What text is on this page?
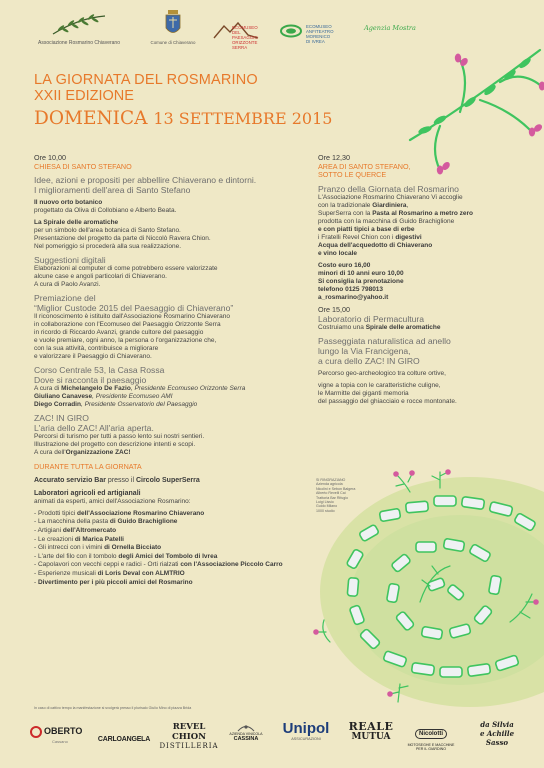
Associazione Rosmarino Chiaverano	Comune di Chiaverano
ECOMUSEO DEL
PAESAGGIO
ORIZZONTE
SERRA
ECOMUSEO
ANFITEATRO
MORENICO
DI IVREA
Agenzia Mostra
LA GIORNATA DEL ROSMARINO
XXII EDIZIONE
DOMENICA 13 SETTEMBRE 2015
Ore 10,00
CHIESA DI SANTO STEFANO
Idee, azioni e propositi per abbellire Chiaverano e dintorni.
I miglioramenti dell'area di Santo Stefano
Il nuovo orto botanico
progettato da Oliva di Collobiano e Alberto Beata.
La Spirale delle aromatiche
per un simbolo dell'area botanica di Santo Stefano.
Presentazione del progetto da parte di Niccolò Ravera Chion.
Nel pomeriggio si procederà alla sua realizzazione.
Suggestioni digitali
Elaborazioni al computer di come potrebbero essere valorizzate
alcune case e angoli particolari di Chiaverano.
A cura di Paolo Avanzi.
Premiazione del
“Miglior Custode 2015 del Paesaggio di Chiaverano”
Il riconoscimento è istituito dall'Associazione Rosmarino Chiaverano
in collaborazione con l'Ecomuseo del Paesaggio Orizzonte Serra
in ricordo di Riccardo Avanzi, grande cultore del paesaggio
e vuole premiare, ogni anno, la persona o l'organizzazione che,
con la sua attività, contribuisce a migliorare
e valorizzare il Paesaggio di Chiaverano.
Corso Centrale 53, la Casa Rossa
Dove si racconta il paesaggio
A cura di Michelangelo De Fazio, Presidente Ecomuseo Orizzonte Serra
Giuliano Canavese, Presidente Ecomuseo AMI
Diego Corradin, Presidente Osservatorio del Paesaggio
ZAC! IN GIRO
L'aria dello ZAC! All'aria aperta.
Percorsi di turismo per tutti a passo lento sui nostri sentieri.
Illustrazione del progetto con descrizione intenti e scopi.
A cura dell'Organizzazione ZAC!
DURANTE TUTTA LA GIORNATA
Accurato servizio Bar presso il Circolo SuperSerra
Laboratori agricoli ed artigianali
animati da esperti, amici dell'Associazione Rosmarino:
- Prodotti tipici dell'Associazione Rosmarino Chiaverano
- La macchina della pasta di Guido Brachiglione
- Artigiani dell'Altromercato
- Le creazioni di Marica Patelli
- Gli intrecci con i vimini di Ornella Bicciato
- L'arte del filo con il tombolo degli Amici del Tombolo di Ivrea
- Capolavori con vecchi ceppi e radici - Orti rialzati con l'Associazione Piccolo Carro
- Esperienze musicali di Loris Deval con ALMTRIO
- Divertimento per i più piccoli amici del Rosmarino
Ore 12,30
AREA DI SANTO STEFANO,
SOTTO LE QUERCE
Pranzo della Giornata del Rosmarino
L'Associazione Rosmarino Chiaverano Vi accoglie
con la tradizionale Giardiniera,
SuperSerra con la Pasta al Rosmarino a metro zero
prodotta con la macchina di Guido Brachiglione
e con piatti tipici a base di erbe
i Fratelli Revel Chion con i digestivi
Acqua dell'acquedotto di Chiaverano
e vino locale
Costo euro 16,00
minori di 10 anni euro 10,00
Si consiglia la prenotazione
telefono 0125 798013
a_rosmarino@yahoo.it
Ore 15,00
Laboratorio di Permacultura
Costruiamo una Spirale delle aromatiche
Passeggiata naturalistica ad anello
lungo la Via Francigena,
a cura dello ZAC! IN GIRO
Percorso geo-archeologico tra colture ortive,
vigne a topia con le caratteristiche culigne,
le Marmitte dei giganti memoria
del passaggio del ghiacciaio e rocce montonate.
SI RINGRAZIANO
Azienda agricola
Nicolini e Sebon Balgera
Alberto Revelli Cai
Trattoria Bar Rifugio
Luigi Lissio
Guido Milano
1000 studio
In caso di cattivo tempo la manifestazione si svolgerà presso il plurisalo Giulio Mino di piazza Brida
OBERTO
Cassano	CARLOANGELA
REVEL CHION
DISTILLERIA
AZIENDA VINICOLA
CASSINA
Unipol
ASSICURAZIONI
REALE
MUTUA	Nicolotti
MOTOSEGHE E MACCHINE
PER IL GIARDINO
da Silvia
e Achille Sasso
